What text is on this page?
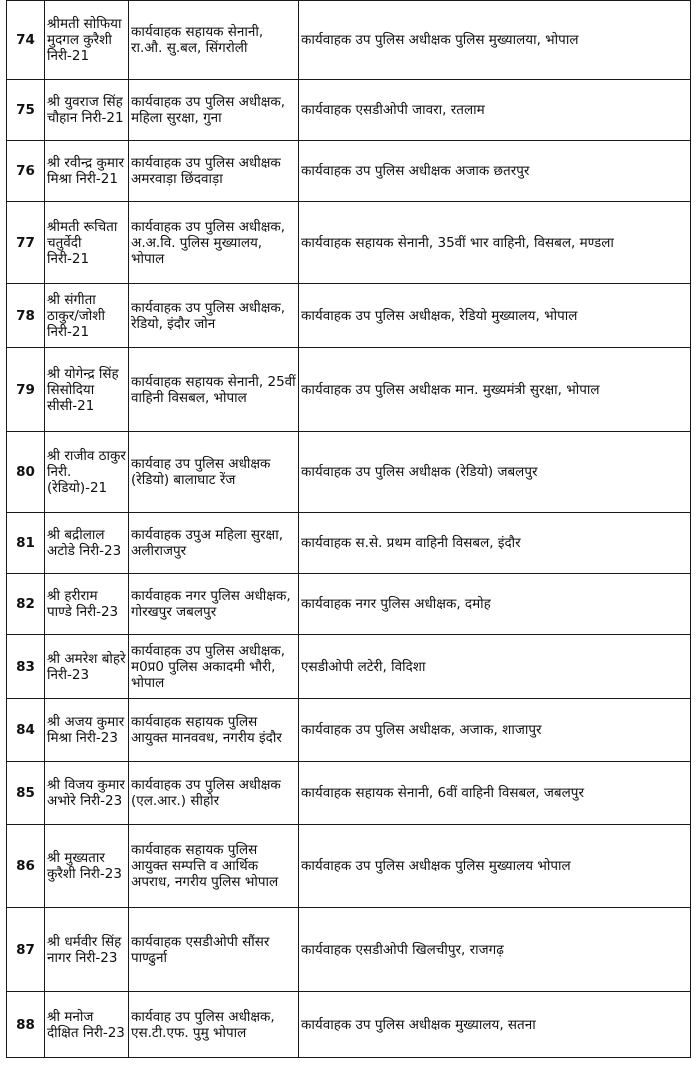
74	श्रीमती सोफिया मुदगल कुरैशी निरी-21	कार्यवाहक सहायक सेनानी, रा.औ. सु.बल, सिंगरोली	कार्यवाहक उप पुलिस अधीक्षक पुलिस मुख्यालया, भोपाल
75	श्री युवराज सिंह चौहान निरी-21	कार्यवाहक उप पुलिस अधीक्षक, महिला सुरक्षा, गुना	कार्यवाहक एसडीओपी जावरा, रतलाम
76	श्री रवीन्द्र कुमार मिश्रा निरी-21	कार्यवाहक उप पुलिस अधीक्षक अमरवाड़ा छिंदवाड़ा	कार्यवाहक उप पुलिस अधीक्षक अजाक छतरपुर
77	श्रीमती रूचिता चतुर्वेदी निरी-21	कार्यवाहक उप पुलिस अधीक्षक, अ.अ.वि. पुलिस मुख्यालय, भोपाल	कार्यवाहक सहायक सेनानी, 35वीं भार वाहिनी, विसबल, मण्डला
78	श्री संगीता ठाकुर/जोशी निरी-21	कार्यवाहक उप पुलिस अधीक्षक, रेडियो, इंदौर जोन	कार्यवाहक उप पुलिस अधीक्षक, रेडियो मुख्यालय, भोपाल
79	श्री योगेन्द्र सिंह सिसोदिया सीसी-21	कार्यवाहक सहायक सेनानी, 25वीं वाहिनी विसबल, भोपाल	कार्यवाहक उप पुलिस अधीक्षक मान. मुख्यमंत्री सुरक्षा, भोपाल
80	श्री राजीव ठाकुर निरी. (रेडियो)-21	कार्यवाह उप पुलिस अधीक्षक (रेडियो) बालाघाट रेंज	कार्यवाहक उप पुलिस अधीक्षक (रेडियो) जबलपुर
81	श्री बद्रीलाल अटोडे निरी-23	कार्यवाहक उपुअ महिला सुरक्षा, अलीराजपुर	कार्यवाहक स.से. प्रथम वाहिनी विसबल, इंदौर
82	श्री हरीराम पाण्डे निरी-23	कार्यवाहक नगर पुलिस अधीक्षक, गोरखपुर जबलपुर	कार्यवाहक नगर पुलिस अधीक्षक, दमोह
83	श्री अमरेश बोहरे निरी-23	कार्यवाहक उप पुलिस अधीक्षक, म0प्र0 पुलिस अकादमी भौरी, भोपाल	एसडीओपी लटेरी, विदिशा
84	श्री अजय कुमार मिश्रा निरी-23	कार्यवाहक सहायक पुलिस आयुक्त मानववध, नगरीय इंदौर	कार्यवाहक उप पुलिस अधीक्षक, अजाक, शाजापुर
85	श्री विजय कुमार अभोरे निरी-23	कार्यवाहक उप पुलिस अधीक्षक (एल.आर.) सीहोर	कार्यवाहक सहायक सेनानी, 6वीं वाहिनी विसबल, जबलपुर
86	श्री मुख्यतार कुरैशी निरी-23	कार्यवाहक सहायक पुलिस आयुक्त सम्पत्ति व आर्थिक अपराध, नगरीय पुलिस भोपाल	कार्यवाहक उप पुलिस अधीक्षक पुलिस मुख्यालय भोपाल
87	श्री धर्मवीर सिंह नागर निरी-23	कार्यवाहक एसडीओपी सौंसर पाण्ढुर्ना	कार्यवाहक एसडीओपी खिलचीपुर, राजगढ़
88	श्री मनोज दीक्षित निरी-23	कार्यवाह उप पुलिस अधीक्षक, एस.टी.एफ. पुमु भोपाल	कार्यवाहक उप पुलिस अधीक्षक मुख्यालय, सतना
